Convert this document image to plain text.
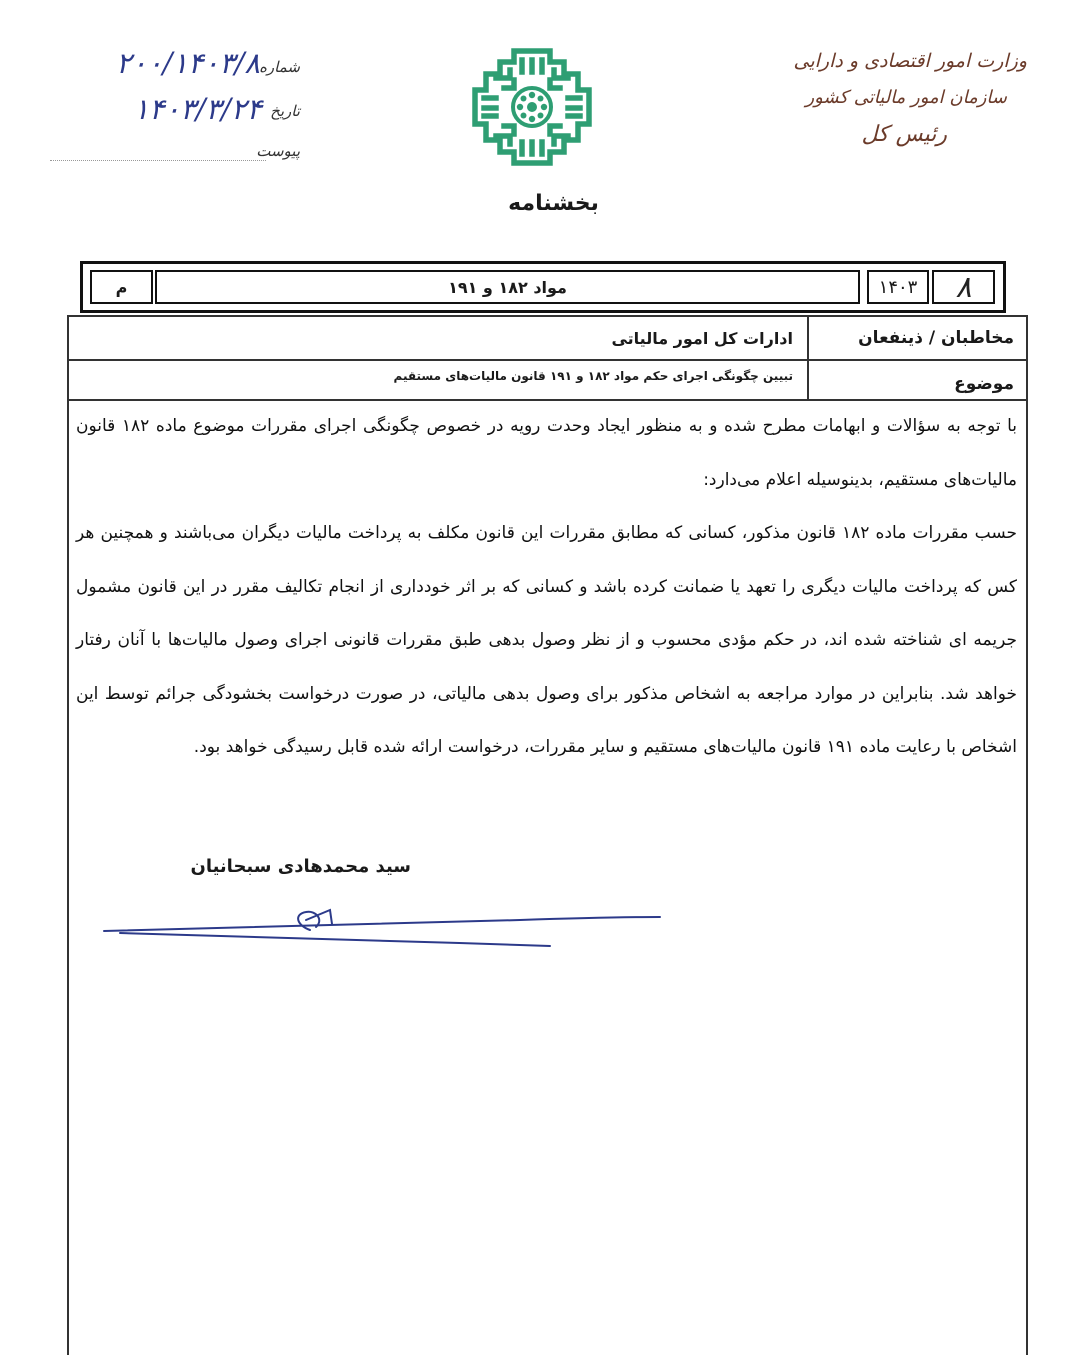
وزارت امور اقتصادی و دارایی
سازمان امور مالیاتی کشور
رئیس کل
شماره
۲۰۰/۱۴۰۳/۸
تاریخ
۱۴۰۳/۳/۲۴
پیوست
بخشنامه
۸
۱۴۰۳
مواد ۱۸۲ و ۱۹۱
م
مخاطبان / ذینفعان
ادارات کل امور مالیاتی
موضوع
تبیین چگونگی اجرای حکم مواد ۱۸۲ و ۱۹۱ قانون مالیات‌های مستقیم
با توجه به سؤالات و ابهامات مطرح شده و به منظور ایجاد وحدت رویه در خصوص چگونگی اجرای مقررات موضوع ماده ۱۸۲ قانون مالیات‌های مستقیم، بدینوسیله اعلام می‌دارد:
حسب مقررات ماده ۱۸۲ قانون مذکور، کسانی که مطابق مقررات این قانون مکلف به پرداخت مالیات دیگران می‌باشند و همچنین هر کس که پرداخت مالیات دیگری را تعهد یا ضمانت کرده باشد و کسانی که بر اثر خودداری از انجام تکالیف مقرر در این قانون مشمول جریمه ای شناخته شده اند، در حکم مؤدی محسوب و از نظر وصول بدهی طبق مقررات قانونی اجرای وصول مالیات‌ها با آنان رفتار خواهد شد. بنابراین در موارد مراجعه به اشخاص مذکور برای وصول بدهی مالیاتی، در صورت درخواست بخشودگی جرائم توسط این اشخاص با رعایت ماده ۱۹۱ قانون مالیات‌های مستقیم و سایر مقررات، درخواست ارائه شده قابل رسیدگی خواهد بود.
سید محمدهادی سبحانیان
